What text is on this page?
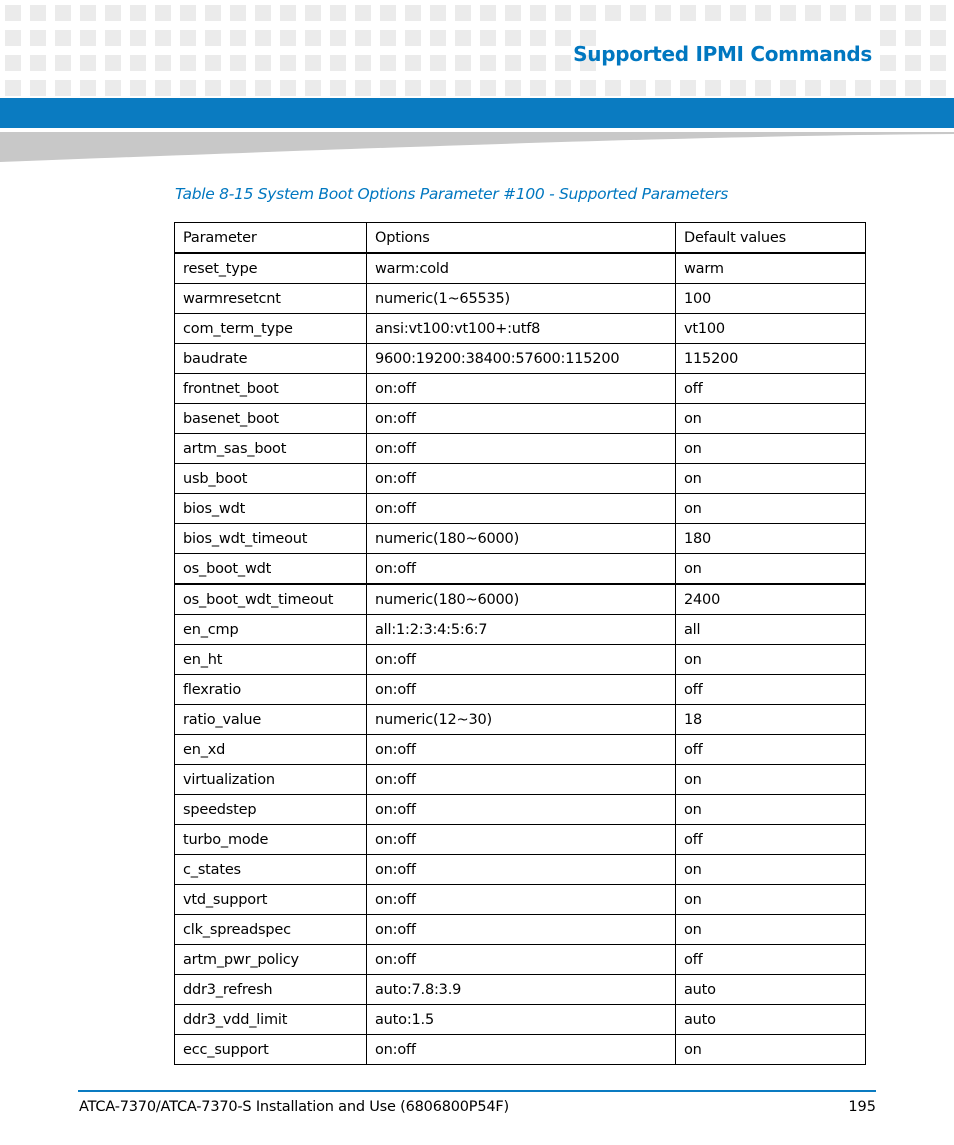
Supported IPMI Commands
Table 8-15 System Boot Options Parameter #100 - Supported Parameters
Parameter	Options	Default values
reset_type	warm:cold	warm
warmresetcnt	numeric(1~65535)	100
com_term_type	ansi:vt100:vt100+:utf8	vt100
baudrate	9600:19200:38400:57600:115200	115200
frontnet_boot	on:off	off
basenet_boot	on:off	on
artm_sas_boot	on:off	on
usb_boot	on:off	on
bios_wdt	on:off	on
bios_wdt_timeout	numeric(180~6000)	180
os_boot_wdt	on:off	on
os_boot_wdt_timeout	numeric(180~6000)	2400
en_cmp	all:1:2:3:4:5:6:7	all
en_ht	on:off	on
flexratio	on:off	off
ratio_value	numeric(12~30)	18
en_xd	on:off	off
virtualization	on:off	on
speedstep	on:off	on
turbo_mode	on:off	off
c_states	on:off	on
vtd_support	on:off	on
clk_spreadspec	on:off	on
artm_pwr_policy	on:off	off
ddr3_refresh	auto:7.8:3.9	auto
ddr3_vdd_limit	auto:1.5	auto
ecc_support	on:off	on
ATCA-7370/ATCA-7370-S Installation and Use (6806800P54F)	195
